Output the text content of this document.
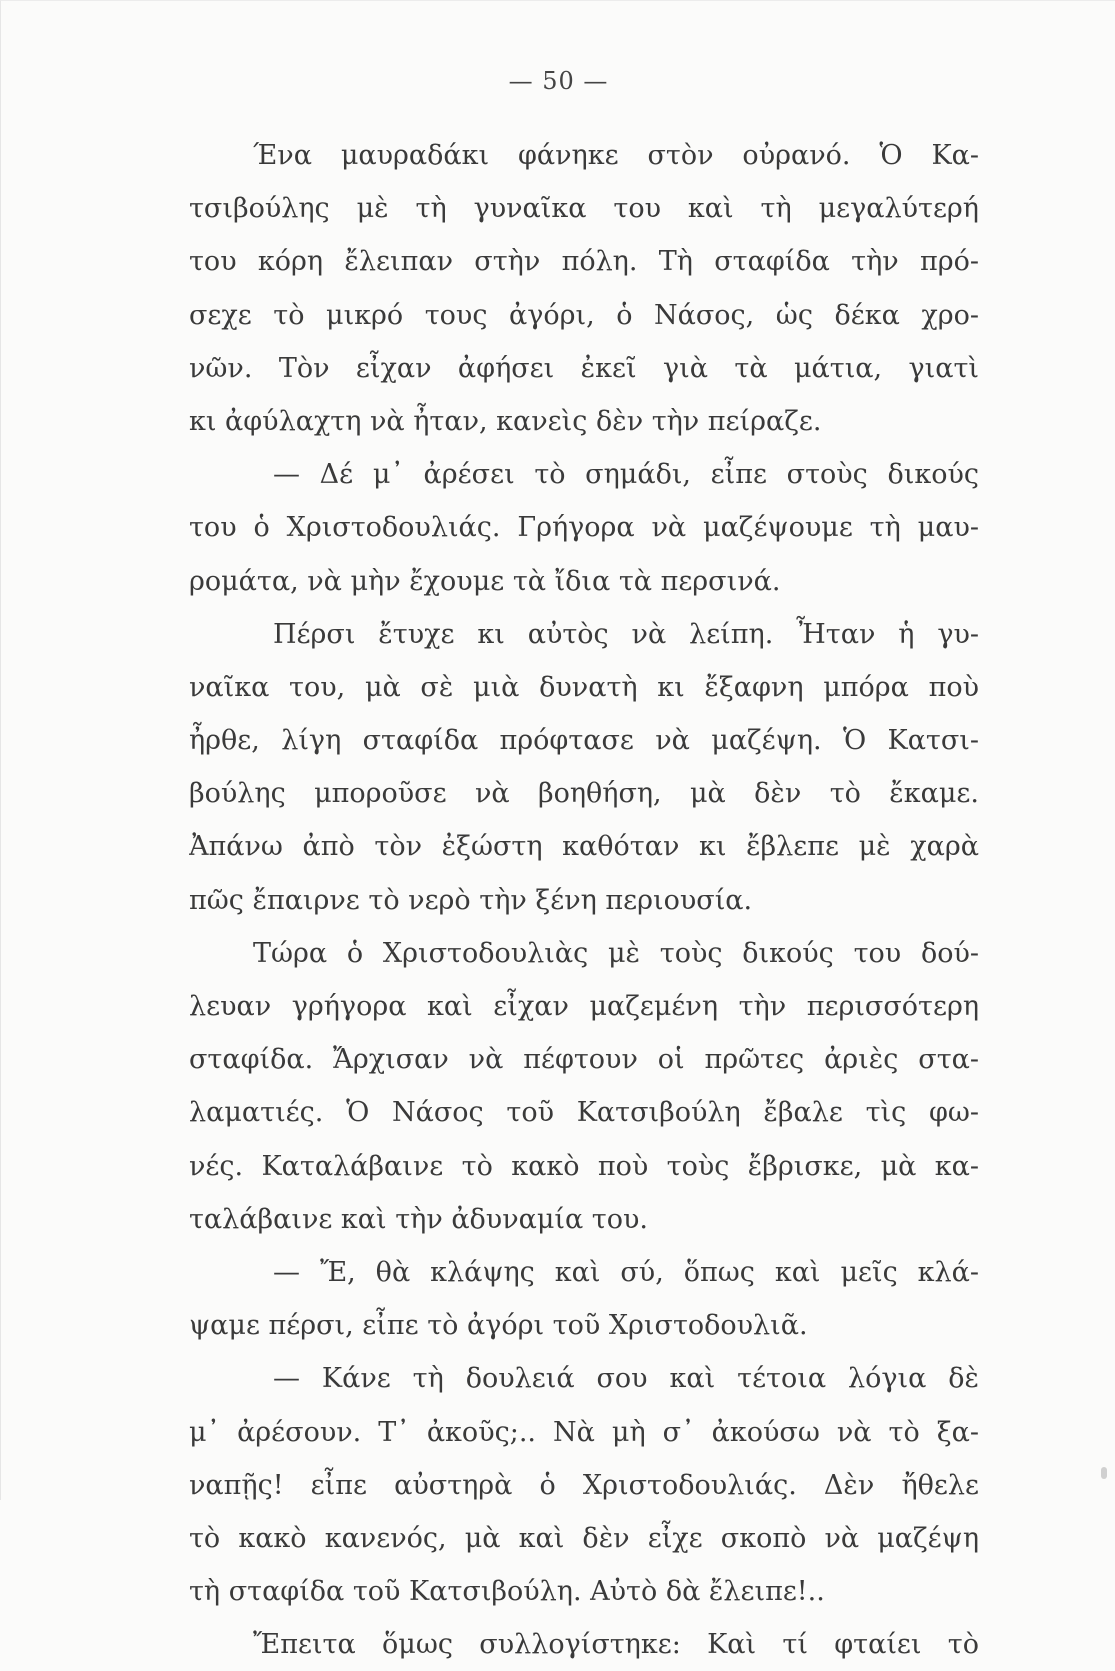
— 50 —
Ένα μαυραδάκι φάνηκε στὸν οὐρανό. Ὁ Κα-
τσιβούλης μὲ τὴ γυναῖκα του καὶ τὴ μεγαλύτερή
του κόρη ἔλειπαν στὴν πόλη. Τὴ σταφίδα τὴν πρό-
σεχε τὸ μικρό τους ἀγόρι, ὁ Νάσος, ὡς δέκα χρο-
νῶν. Τὸν εἶχαν ἀφήσει ἐκεῖ γιὰ τὰ μάτια, γιατὶ
κι ἀφύλαχτη νὰ ἦταν, κανεὶς δὲν τὴν πείραζε.
— Δέ μ᾽ ἀρέσει τὸ σημάδι, εἶπε στοὺς δικούς
του ὁ Χριστοδουλιάς. Γρήγορα νὰ μαζέψουμε τὴ μαυ-
ρομάτα, νὰ μὴν ἔχουμε τὰ ἴδια τὰ περσινά.
Πέρσι ἔτυχε κι αὐτὸς νὰ λείπη. Ἦταν ἡ γυ-
ναῖκα του, μὰ σὲ μιὰ δυνατὴ κι ἔξαφνη μπόρα ποὺ
ἦρθε, λίγη σταφίδα πρόφτασε νὰ μαζέψη. Ὁ Κατσι-
βούλης μποροῦσε νὰ βοηθήση, μὰ δὲν τὸ ἔκαμε.
Ἀπάνω ἀπὸ τὸν ἐξώστη καθόταν κι ἔβλεπε μὲ χαρὰ
πῶς ἔπαιρνε τὸ νερὸ τὴν ξένη περιουσία.
Τώρα ὁ Χριστοδουλιὰς μὲ τοὺς δικούς του δού-
λευαν γρήγορα καὶ εἶχαν μαζεμένη τὴν περισσότερη
σταφίδα. Ἄρχισαν νὰ πέφτουν οἱ πρῶτες ἀριὲς στα-
λαματιές. Ὁ Νάσος τοῦ Κατσιβούλη ἔβαλε τὶς φω-
νές. Καταλάβαινε τὸ κακὸ ποὺ τοὺς ἔβρισκε, μὰ κα-
ταλάβαινε καὶ τὴν ἀδυναμία του.
— Ἔ, θὰ κλάψης καὶ σύ, ὅπως καὶ μεῖς κλά-
ψαμε πέρσι, εἶπε τὸ ἀγόρι τοῦ Χριστοδουλιᾶ.
— Κάνε τὴ δουλειά σου καὶ τέτοια λόγια δὲ
μ᾽ ἀρέσουν. Τ᾽ ἀκοῦς;.. Νὰ μὴ σ᾽ ἀκούσω νὰ τὸ ξα-
ναπῇς! εἶπε αὐστηρὰ ὁ Χριστοδουλιάς. Δὲν ἤθελε
τὸ κακὸ κανενός, μὰ καὶ δὲν εἶχε σκοπὸ νὰ μαζέψη
τὴ σταφίδα τοῦ Κατσιβούλη. Αὐτὸ δὰ ἔλειπε!..
Ἔπειτα ὅμως συλλογίστηκε: Καὶ τί φταίει τὸ
